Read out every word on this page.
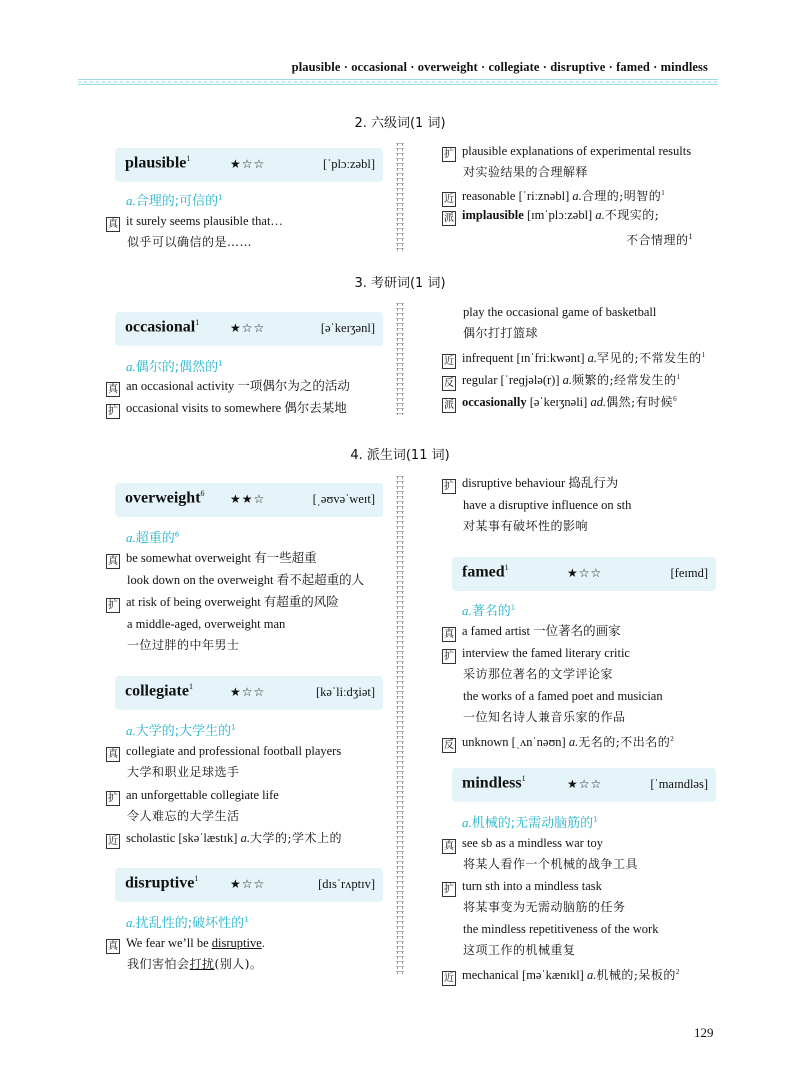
plausible · occasional · overweight · collegiate · disruptive · famed · mindless
2. 六级词(1 词)
plausible$^1$	★☆☆	[ˈplɔːzəbl]
a.合理的;可信的$^1$
真 it surely seems plausible that…
似乎可以确信的是……
扩 plausible explanations of experimental results
对实验结果的合理解释
近 reasonable [ˈriːznəbl] a.合理的;明智的$^1$
派 implausible [ɪmˈplɔːzəbl] a.不现实的;
不合情理的$^1$
3. 考研词(1 词)
occasional$^1$	★☆☆	[əˈkeɪʒənl]
a.偶尔的;偶然的$^1$
真 an occasional activity 一项偶尔为之的活动
扩 occasional visits to somewhere 偶尔去某地
play the occasional game of basketball
偶尔打打篮球
近 infrequent [ɪnˈfriːkwənt] a.罕见的;不常发生的$^1$
反 regular [ˈreɡjələ(r)] a.频繁的;经常发生的$^1$
派 occasionally [əˈkeɪʒnəli] ad.偶然;有时候$^6$
4. 派生词(11 词)
overweight$^6$ ★★☆	[ˌəʊvəˈweɪt]
a.超重的$^6$
真 be somewhat overweight 有一些超重
look down on the overweight 看不起超重的人
扩 at risk of being overweight 有超重的风险
a middle-aged, overweight man
一位过胖的中年男士
collegiate$^1$	★☆☆	[kəˈliːdʒiət]
a.大学的;大学生的$^1$
真 collegiate and professional football players
大学和职业足球选手
扩 an unforgettable collegiate life
令人难忘的大学生活
近 scholastic [skəˈlæstɪk] a.大学的;学术上的
disruptive$^1$	★☆☆	[dɪsˈrʌptɪv]
a.扰乱性的;破坏性的$^1$
真 We fear we’ll be disruptive.
我们害怕会打扰(别人)。
扩 disruptive behaviour 捣乱行为
have a disruptive influence on sth
对某事有破坏性的影响
famed$^1$	★☆☆	[feɪmd]
a.著名的$^1$
真 a famed artist 一位著名的画家
扩 interview the famed literary critic
采访那位著名的文学评论家
the works of a famed poet and musician
一位知名诗人兼音乐家的作品
反 unknown [ˌʌnˈnəʊn] a.无名的;不出名的$^2$
mindless$^1$	★☆☆	[ˈmaɪndləs]
a.机械的;无需动脑筋的$^1$
真 see sb as a mindless war toy
将某人看作一个机械的战争工具
扩 turn sth into a mindless task
将某事变为无需动脑筋的任务
the mindless repetitiveness of the work
这项工作的机械重复
近 mechanical [məˈkænɪkl] a.机械的;呆板的$^2$
129
